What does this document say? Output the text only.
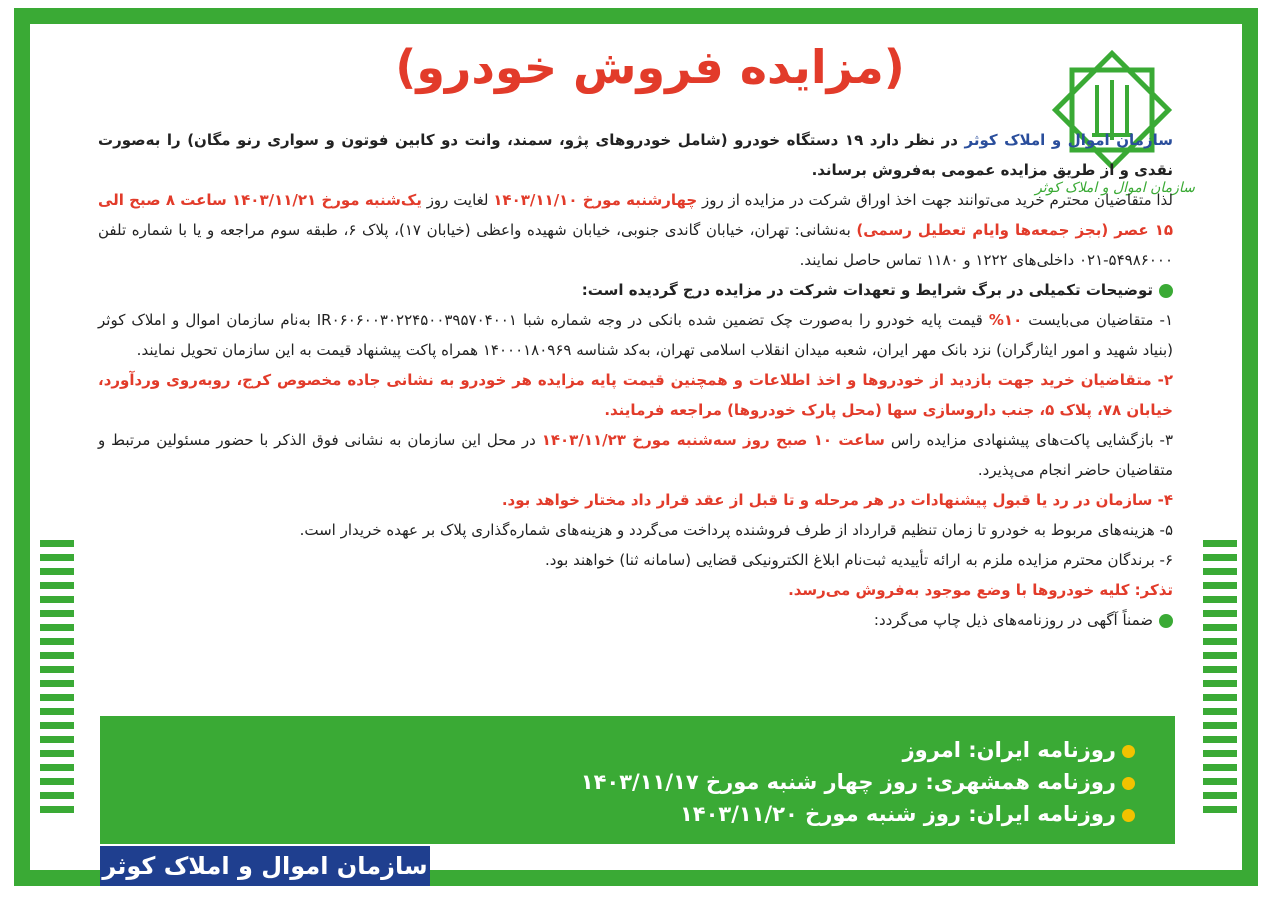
سازمان اموال و املاک کوثر
(مزایده فروش خودرو)

سازمان اموال و املاک کوثر در نظر دارد ۱۹ دستگاه خودرو (شامل خودروهای پژو، سمند، وانت دو کابین فوتون و سواری رنو مگان) را به‌صورت نقدی و از طریق مزایده عمومی به‌فروش برساند.

لذا متقاضیان محترم خرید می‌توانند جهت اخذ اوراق شرکت در مزایده از روز چهارشنبه مورخ ۱۴۰۳/۱۱/۱۰ لغایت روز یک‌شنبه مورخ ۱۴۰۳/۱۱/۲۱ ساعت ۸ صبح الی ۱۵ عصر (بجز جمعه‌ها وایام تعطیل رسمی) به‌نشانی: تهران، خیابان گاندی جنوبی، خیابان شهیده واعظی (خیابان ۱۷)، پلاک ۶، طبقه سوم مراجعه و یا با شماره تلفن ۵۴۹۸۶۰۰۰-۰۲۱ داخلی‌های ۱۲۲۲ و ۱۱۸۰ تماس حاصل نمایند.

توضیحات تکمیلی در برگ شرایط و تعهدات شرکت در مزایده درج گردیده است:

۱- متقاضیان می‌بایست ۱۰% قیمت پایه خودرو را به‌صورت چک تضمین شده بانکی در وجه شماره شبا IR۰۶۰۶۰۰۳۰۲۲۴۵۰۰۳۹۵۷۰۴۰۰۱ به‌نام سازمان اموال و املاک کوثر (بنیاد شهید و امور ایثارگران) نزد بانک مهر ایران، شعبه میدان انقلاب اسلامی تهران، به‌کد شناسه ۱۴۰۰۰۱۸۰۹۶۹ همراه پاکت پیشنهاد قیمت به این سازمان تحویل نمایند.

۲- متقاضیان خرید جهت بازدید از خودروها و اخذ اطلاعات و همچنین قیمت پایه مزایده هر خودرو به نشانی جاده مخصوص کرج، روبه‌روی ورد‌آورد، خیابان ۷۸، پلاک ۵، جنب داروسازی سها (محل پارک خودروها) مراجعه فرمایند.

۳- بازگشایی پاکت‌های پیشنهادی مزایده راس ساعت ۱۰ صبح روز سه‌شنبه مورخ ۱۴۰۳/۱۱/۲۳ در محل این سازمان به نشانی فوق الذکر با حضور مسئولین مرتبط و متقاضیان حاضر انجام می‌پذیرد.

۴- سازمان در رد یا قبول پیشنهادات در هر مرحله و تا قبل از عقد قرار داد مختار خواهد بود.

۵- هزینه‌های مربوط به خودرو تا زمان تنظیم قرارداد از طرف فروشنده پرداخت می‌گردد و هزینه‌های شماره‌گذاری پلاک بر عهده خریدار است.

۶- برندگان محترم مزایده ملزم به ارائه تأییدیه ثبت‌نام ابلاغ الکترونیکی قضایی (سامانه ثنا) خواهند بود.

تذکر: کلیه خودروها با وضع موجود به‌فروش می‌رسد.

ضمناً آگهی در روزنامه‌های ذیل چاپ می‌گردد:

روزنامه ایران: امروز
روزنامه همشهری: روز چهار شنبه مورخ ۱۴۰۳/۱۱/۱۷
روزنامه ایران: روز شنبه مورخ ۱۴۰۳/۱۱/۲۰
سازمان اموال و املاک کوثر
